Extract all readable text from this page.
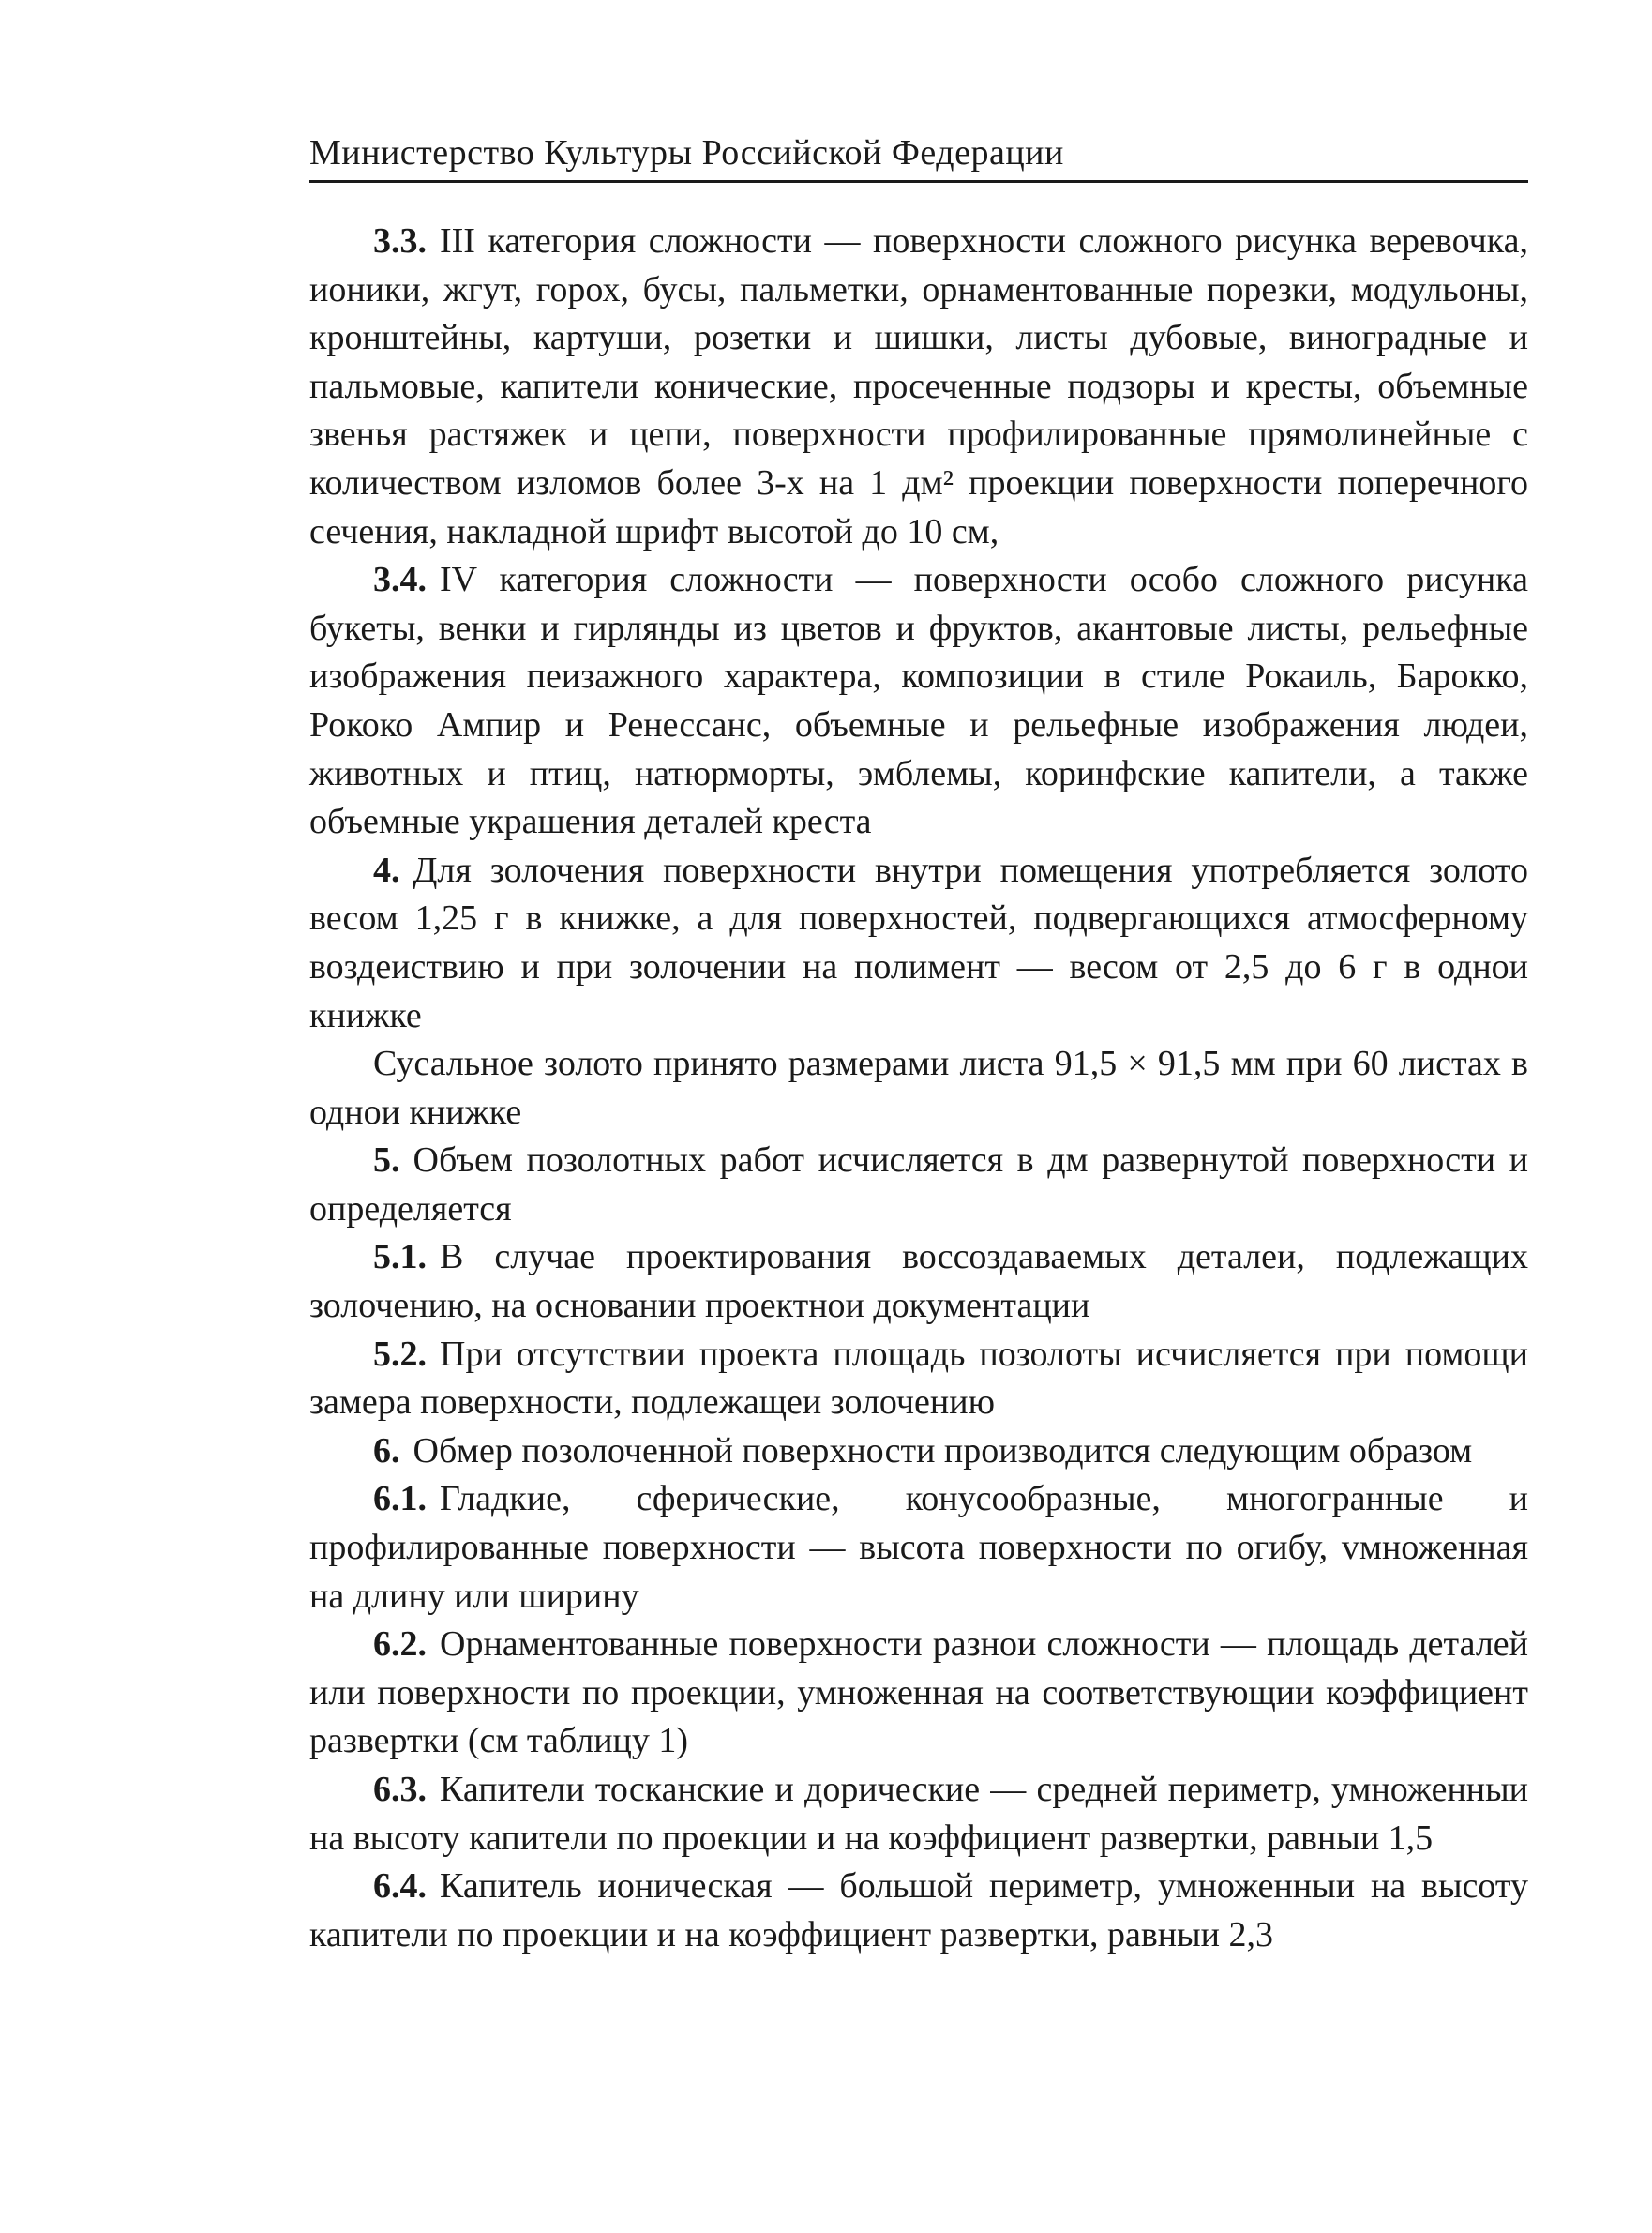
Министерство Культуры Российской Федерации

3.3. III категория сложности — поверхности сложного рисунка веревочка, ионики, жгут, горох, бусы, пальметки, орнаментованные порезки, модульоны, кронштейны, картуши, розетки и шишки, листы дубовые, виноградные и пальмовые, капители конические, просеченные подзоры и кресты, объемные звенья растяжек и цепи, поверхности профилированные прямолинейные с количеством изломов более 3-х на 1 дм² проекции поверхности поперечного сечения, накладной шрифт высотой до 10 см,

3.4. IV категория сложности — поверхности особо сложного рисунка букеты, венки и гирлянды из цветов и фруктов, акантовые листы, рельефные изображения пеизажного характера, композиции в стиле Рокаиль, Барокко, Рококо Ампир и Ренессанс, объемные и рельефные изображения людеи, животных и птиц, натюрморты, эмблемы, коринфские капители, а также объемные украшения деталей креста

4. Для золочения поверхности внутри помещения употребляется золото весом 1,25 г в книжке, а для поверхностей, подвергающихся атмосферному воздеиствию и при золочении на полимент — весом от 2,5 до 6 г в однои книжке

Сусальное золото принято размерами листа 91,5 × 91,5 мм при 60 листах в однои книжке

5. Объем позолотных работ исчисляется в дм развернутой поверхности и определяется

5.1. В случае проектирования воссоздаваемых деталеи, подлежащих золочению, на основании проектнои документации

5.2. При отсутствии проекта площадь позолоты исчисляется при помощи замера поверхности, подлежащеи золочению

6. Обмер позолоченной поверхности производится следующим образом

6.1. Гладкие, сферические, конусообразные, многогранные и профилированные поверхности — высота поверхности по огибу, vмноженная на длину или ширину

6.2. Орнаментованные поверхности разнои сложности — площадь деталей или поверхности по проекции, умноженная на соответствующии коэффициент развертки (см таблицу 1)

6.3. Капители тосканские и дорические — средней периметр, умноженныи на высоту капители по проекции и на коэффициент развертки, равныи 1,5

6.4. Капитель ионическая — большой периметр, умноженныи на высоту капители по проекции и на коэффициент развертки, равныи 2,3
